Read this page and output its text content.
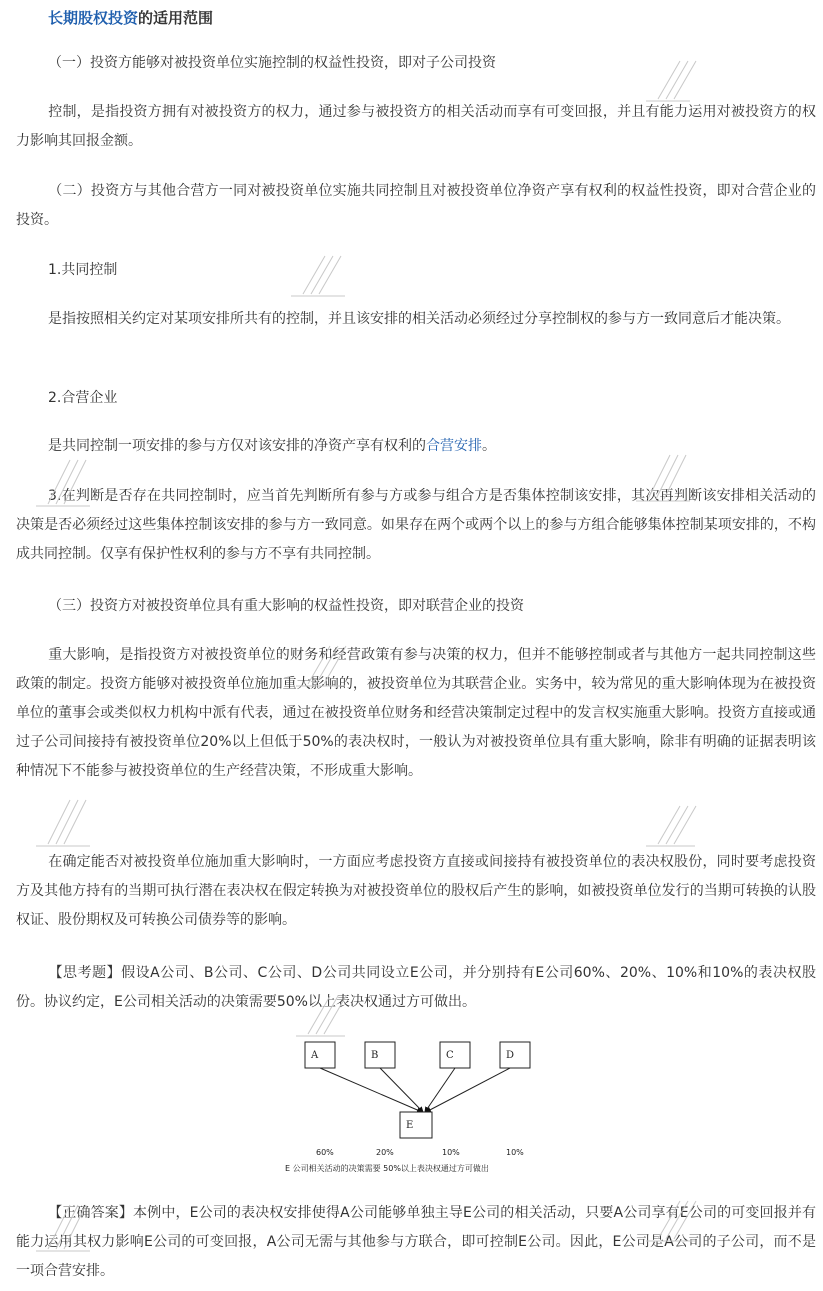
长期股权投资的适用范围

（一）投资方能够对被投资单位实施控制的权益性投资，即对子公司投资

控制，是指投资方拥有对被投资方的权力，通过参与被投资方的相关活动而享有可变回报，并且有能力运用对被投资方的权力影响其回报金额。

（二）投资方与其他合营方一同对被投资单位实施共同控制且对被投资单位净资产享有权利的权益性投资，即对合营企业的投资。

1.共同控制

是指按照相关约定对某项安排所共有的控制，并且该安排的相关活动必须经过分享控制权的参与方一致同意后才能决策。

2.合营企业

是共同控制一项安排的参与方仅对该安排的净资产享有权利的合营安排。

3.在判断是否存在共同控制时，应当首先判断所有参与方或参与组合方是否集体控制该安排，其次再判断该安排相关活动的决策是否必须经过这些集体控制该安排的参与方一致同意。如果存在两个或两个以上的参与方组合能够集体控制某项安排的，不构成共同控制。仅享有保护性权利的参与方不享有共同控制。

（三）投资方对被投资单位具有重大影响的权益性投资，即对联营企业的投资

重大影响，是指投资方对被投资单位的财务和经营政策有参与决策的权力，但并不能够控制或者与其他方一起共同控制这些政策的制定。投资方能够对被投资单位施加重大影响的，被投资单位为其联营企业。实务中，较为常见的重大影响体现为在被投资单位的董事会或类似权力机构中派有代表，通过在被投资单位财务和经营决策制定过程中的发言权实施重大影响。投资方直接或通过子公司间接持有被投资单位20%以上但低于50%的表决权时，一般认为对被投资单位具有重大影响，除非有明确的证据表明该种情况下不能参与被投资单位的生产经营决策，不形成重大影响。

在确定能否对被投资单位施加重大影响时，一方面应考虑投资方直接或间接持有被投资单位的表决权股份，同时要考虑投资方及其他方持有的当期可执行潜在表决权在假定转换为对被投资单位的股权后产生的影响，如被投资单位发行的当期可转换的认股权证、股份期权及可转换公司债券等的影响。

【思考题】假设A公司、B公司、C公司、D公司共同设立E公司，并分别持有E公司60%、20%、10%和10%的表决权股份。协议约定，E公司相关活动的决策需要50%以上表决权通过方可做出。

A	B	C	D
E
60%	20%	10%	10%
E 公司相关活动的决策需要 50%以上表决权通过方可做出

【正确答案】本例中，E公司的表决权安排使得A公司能够单独主导E公司的相关活动，只要A公司享有E公司的可变回报并有能力运用其权力影响E公司的可变回报，A公司无需与其他参与方联合，即可控制E公司。因此，E公司是A公司的子公司，而不是一项合营安排。
